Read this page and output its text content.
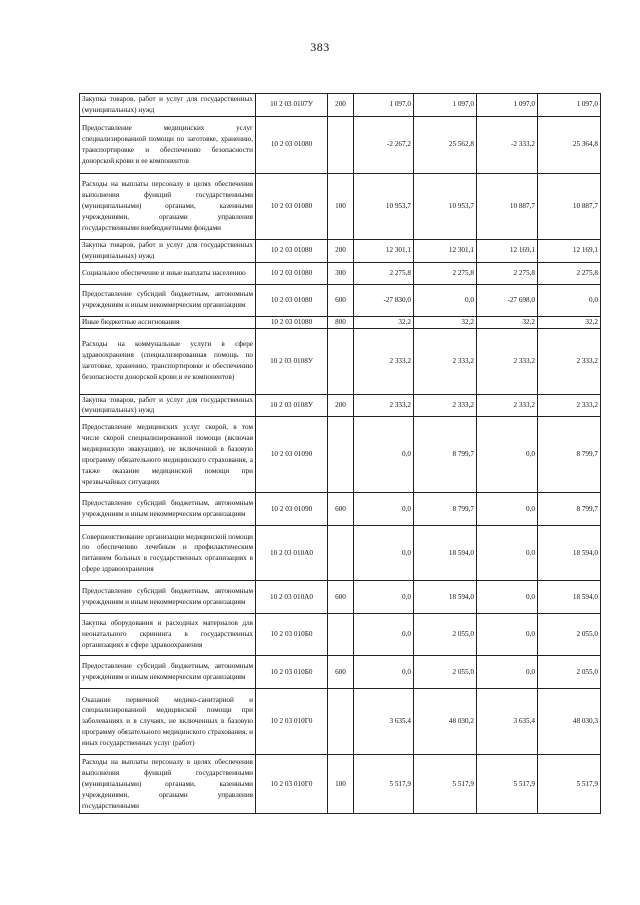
383
Закупка товаров, работ и услуг для государственных (муниципальных) нужд	10 2 03 0107У	200	1 097,0	1 097,0	1 097,0	1 097,0
Предоставление медицинских услуг специализированной помощи по заготовке, хранению, транспортировке и обеспечению безопасности донорской крови и ее компонентов	10 2 03 01080		-2 267,2	25 562,8	-2 333,2	25 364,8
Расходы на выплаты персоналу в целях обеспечения выполнения функций государственными (муниципальными) органами, казенными учреждениями, органами управления государственными внебюджетными фондами	10 2 03 01080	100	10 953,7	10 953,7	10 887,7	10 887,7
Закупка товаров, работ и услуг для государственных (муниципальных) нужд	10 2 03 01080	200	12 301,1	12 301,1	12 169,1	12 169,1
Социальное обеспечение и иные выплаты населению	10 2 03 01080	300	2 275,8	2 275,8	2 275,8	2 275,8
Предоставление субсидий бюджетным, автономным учреждениям и иным некоммерческим организациям	10 2 03 01080	600	-27 830,0	0,0	-27 698,0	0,0
Иные бюджетные ассигнования	10 2 03 01080	800	32,2	32,2	32,2	32,2
Расходы на коммунальные услуги в сфере здравоохранения (специализированная помощь по заготовке, хранению, транспортировке и обеспечению безопасности донорской крови и ее компонентов)	10 2 03 0108У		2 333,2	2 333,2	2 333,2	2 333,2
Закупка товаров, работ и услуг для государственных (муниципальных) нужд	10 2 03 0108У	200	2 333,2	2 333,2	2 333,2	2 333,2
Предоставление медицинских услуг скорой, в том числе скорой специализированной помощи (включая медицинскую эвакуацию), не включенной в базовую программу обязательного медицинского страхования, а также оказание медицинской помощи при чрезвычайных ситуациях	10 2 03 01090		0,0	8 799,7	0,0	8 799,7
Предоставление субсидий бюджетным, автономным учреждениям и иным некоммерческим организациям	10 2 03 01090	600	0,0	8 799,7	0,0	8 799,7
Совершенствование организации медицинской помощи по обеспечению лечебным и профилактическим питанием больных в государственных организациях в сфере здравоохранения	10 2 03 010А0		0,0	18 594,0	0,0	18 594,0
Предоставление субсидий бюджетным, автономным учреждениям и иным некоммерческим организациям	10 2 03 010А0	600	0,0	18 594,0	0,0	18 594,0
Закупка оборудования и расходных материалов для неонатального скрининга в государственных организациях в сфере здравоохранения	10 2 03 010Б0		0,0	2 055,0	0,0	2 055,0
Предоставление субсидий бюджетным, автономным учреждениям и иным некоммерческим организациям	10 2 03 010Б0	600	0,0	2 055,0	0,0	2 055,0
Оказание первичной медико-санитарной и специализированной медицинской помощи при заболеваниях и в случаях, не включенных в базовую программу обязательного медицинского страхования, и иных государственных услуг (работ)	10 2 03 010Г0		3 635,4	48 030,2	3 635,4	48 030,3
Расходы на выплаты персоналу в целях обеспечения выполнения функций государственными (муниципальными) органами, казенными учреждениями, органами управления государственными	10 2 03 010Г0	100	5 517,9	5 517,9	5 517,9	5 517,9
